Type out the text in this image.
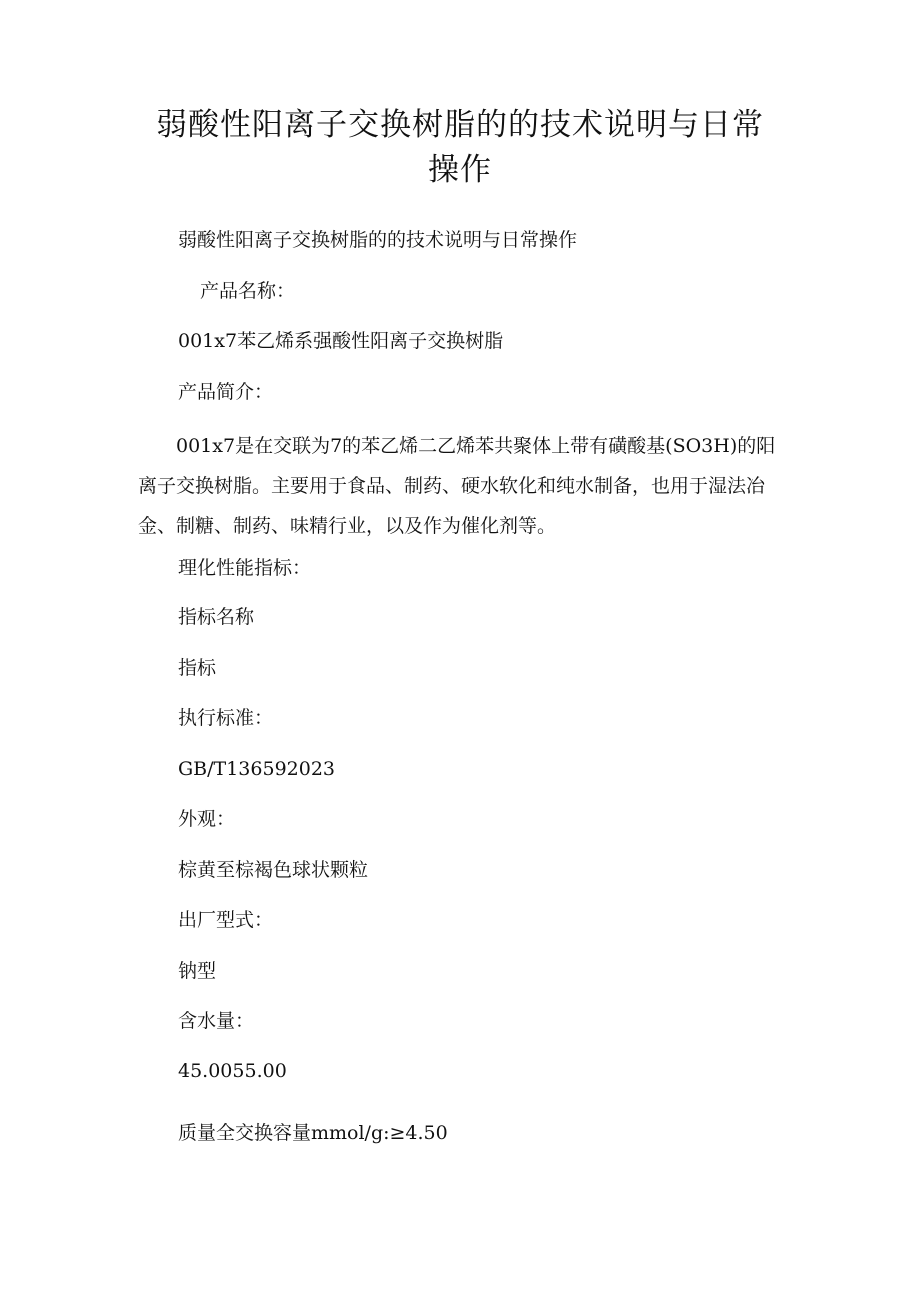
弱酸性阳离子交换树脂的的技术说明与日常
操作
弱酸性阳离子交换树脂的的技术说明与日常操作
产品名称：
001x7苯乙烯系强酸性阳离子交换树脂
产品简介：
001x7是在交联为7的苯乙烯二乙烯苯共聚体上带有磺酸基(SO3H)的阳
离子交换树脂。主要用于食品、制药、硬水软化和纯水制备，也用于湿法冶
金、制糖、制药、味精行业，以及作为催化剂等。
理化性能指标：
指标名称
指标
执行标准：
GB/T136592023
外观：
棕黄至棕褐色球状颗粒
出厂型式：
钠型
含水量：
45.0055.00
质量全交换容量mmol/g:≥4.50
